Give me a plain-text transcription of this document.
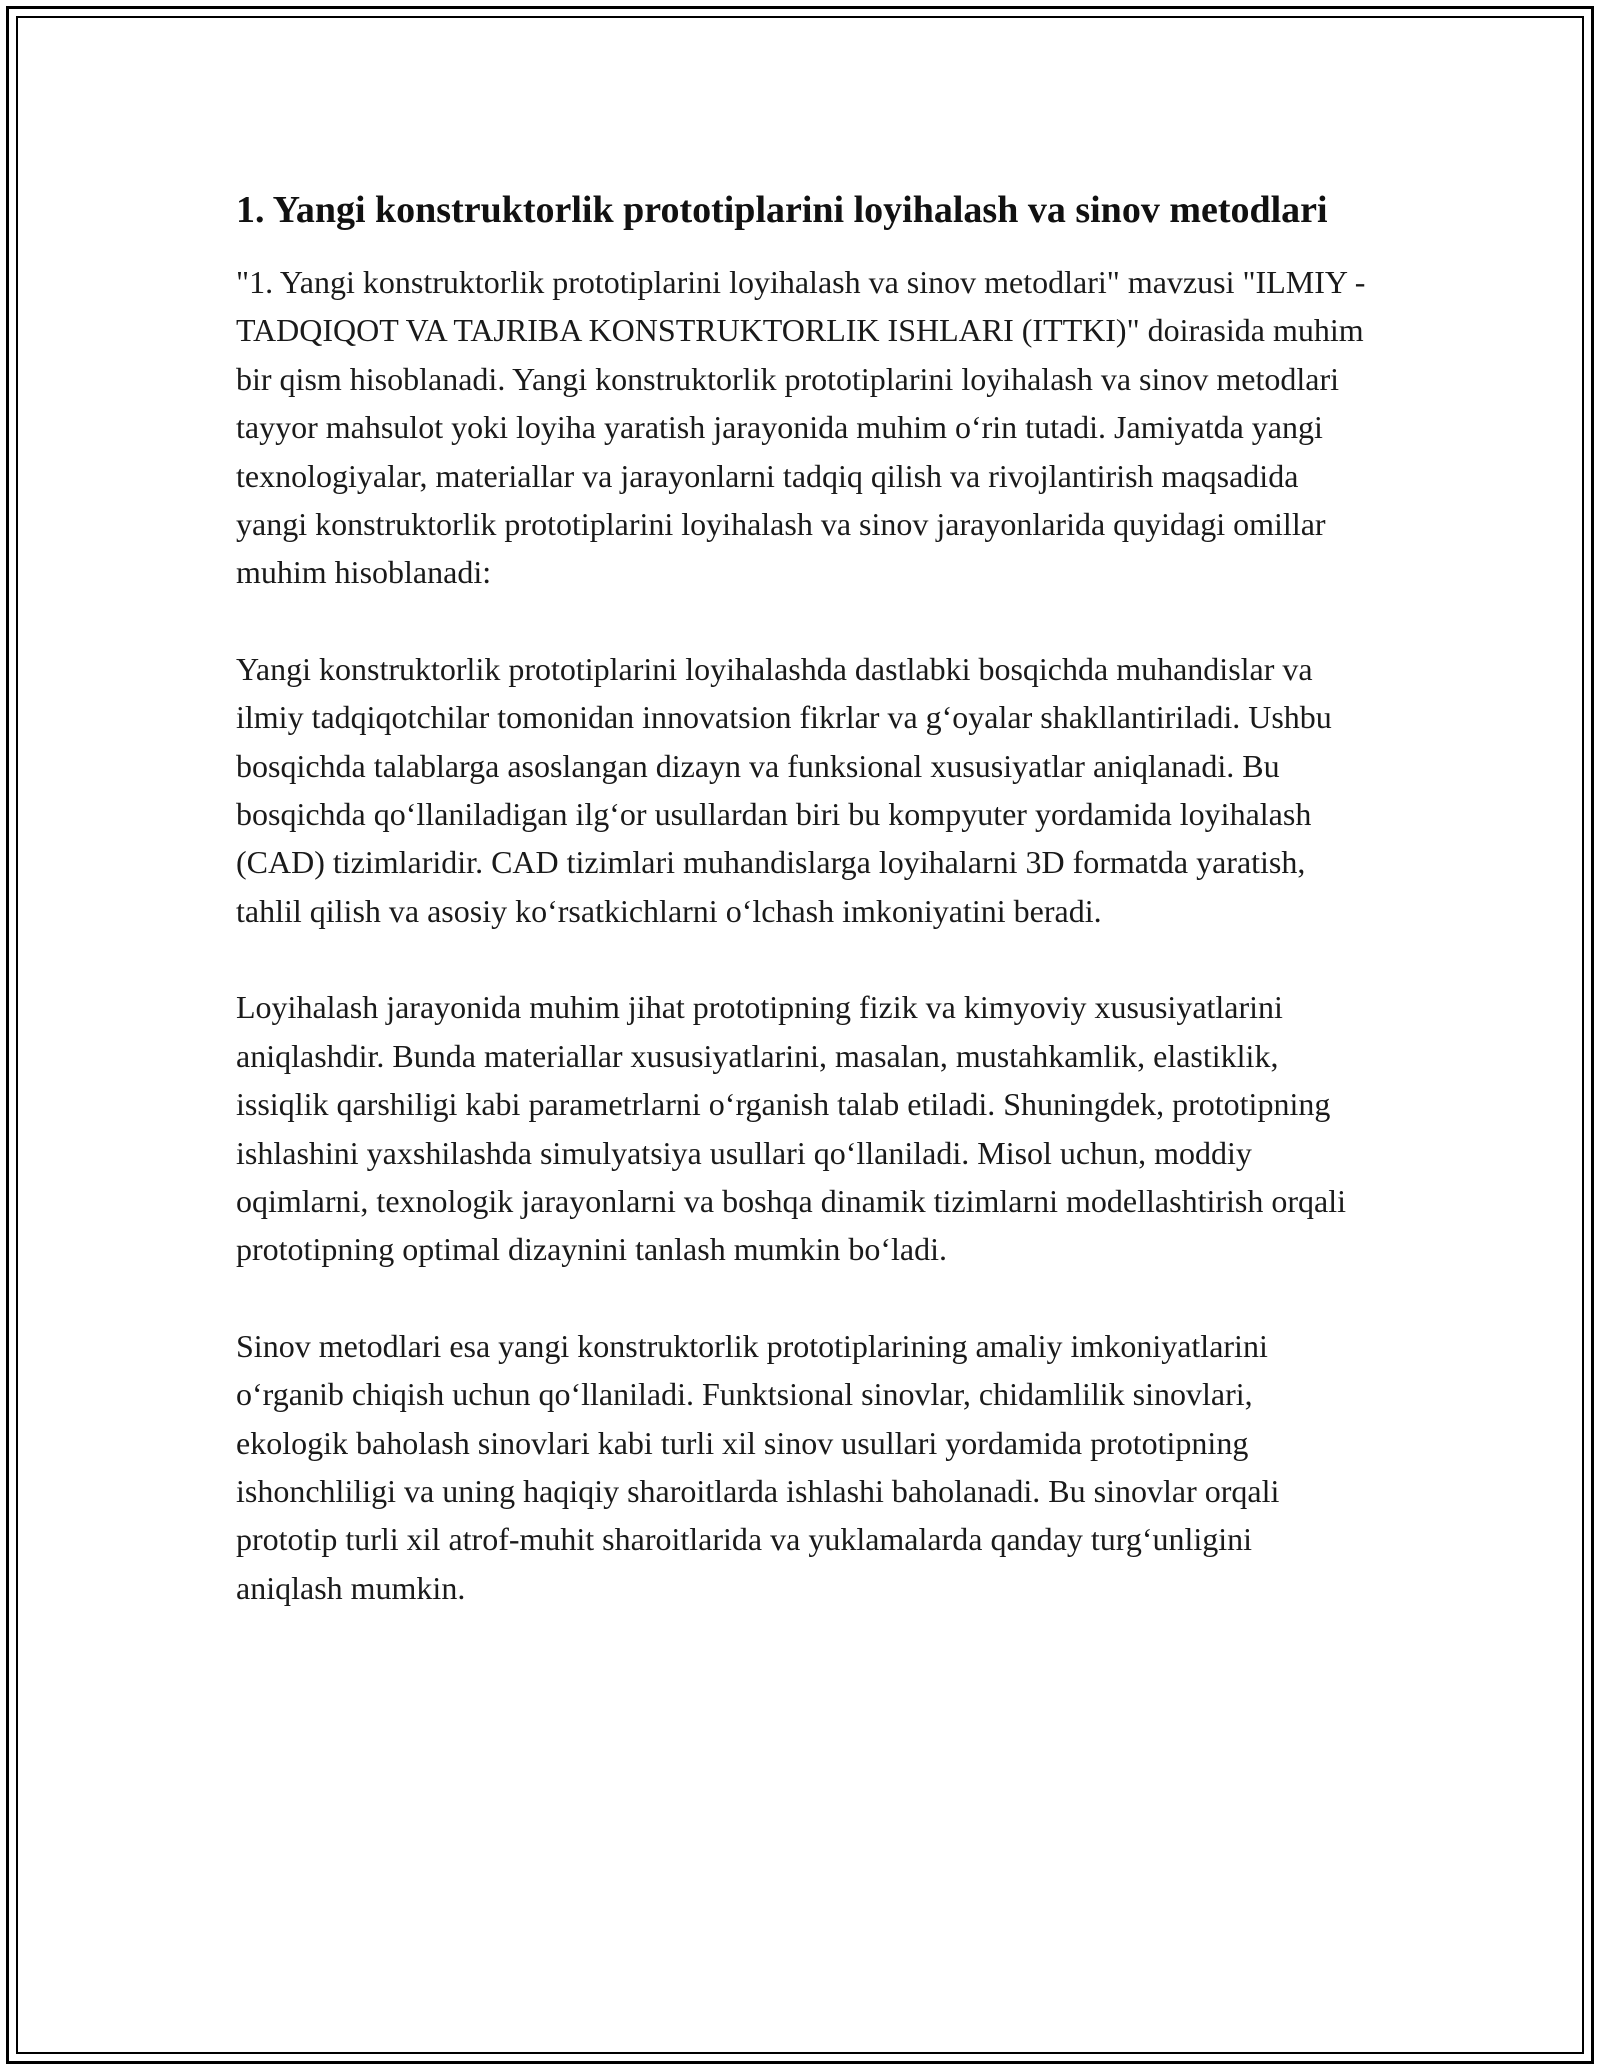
1. Yangi konstruktorlik prototiplarini loyihalash va sinov metodlari

"1. Yangi konstruktorlik prototiplarini loyihalash va sinov metodlari" mavzusi "ILMIY - TADQIQOT VA TAJRIBA KONSTRUKTORLIK ISHLARI (ITTKI)" doirasida muhim bir qism hisoblanadi. Yangi konstruktorlik prototiplarini loyihalash va sinov metodlari tayyor mahsulot yoki loyiha yaratish jarayonida muhim o‘rin tutadi. Jamiyatda yangi texnologiyalar, materiallar va jarayonlarni tadqiq qilish va rivojlantirish maqsadida yangi konstruktorlik prototiplarini loyihalash va sinov jarayonlarida quyidagi omillar muhim hisoblanadi:

Yangi konstruktorlik prototiplarini loyihalashda dastlabki bosqichda muhandislar va ilmiy tadqiqotchilar tomonidan innovatsion fikrlar va g‘oyalar shakllantiriladi. Ushbu bosqichda talablarga asoslangan dizayn va funksional xususiyatlar aniqlanadi. Bu bosqichda qo‘llaniladigan ilg‘or usullardan biri bu kompyuter yordamida loyihalash (CAD) tizimlaridir. CAD tizimlari muhandislarga loyihalarni 3D formatda yaratish, tahlil qilish va asosiy ko‘rsatkichlarni o‘lchash imkoniyatini beradi.

Loyihalash jarayonida muhim jihat prototipning fizik va kimyoviy xususiyatlarini aniqlashdir. Bunda materiallar xususiyatlarini, masalan, mustahkamlik, elastiklik, issiqlik qarshiligi kabi parametrlarni o‘rganish talab etiladi. Shuningdek, prototipning ishlashini yaxshilashda simulyatsiya usullari qo‘llaniladi. Misol uchun, moddiy oqimlarni, texnologik jarayonlarni va boshqa dinamik tizimlarni modellashtirish orqali prototipning optimal dizaynini tanlash mumkin bo‘ladi.

Sinov metodlari esa yangi konstruktorlik prototiplarining amaliy imkoniyatlarini o‘rganib chiqish uchun qo‘llaniladi. Funktsional sinovlar, chidamlilik sinovlari, ekologik baholash sinovlari kabi turli xil sinov usullari yordamida prototipning ishonchliligi va uning haqiqiy sharoitlarda ishlashi baholanadi. Bu sinovlar orqali prototip turli xil atrof-muhit sharoitlarida va yuklamalarda qanday turg‘unligini aniqlash mumkin.
